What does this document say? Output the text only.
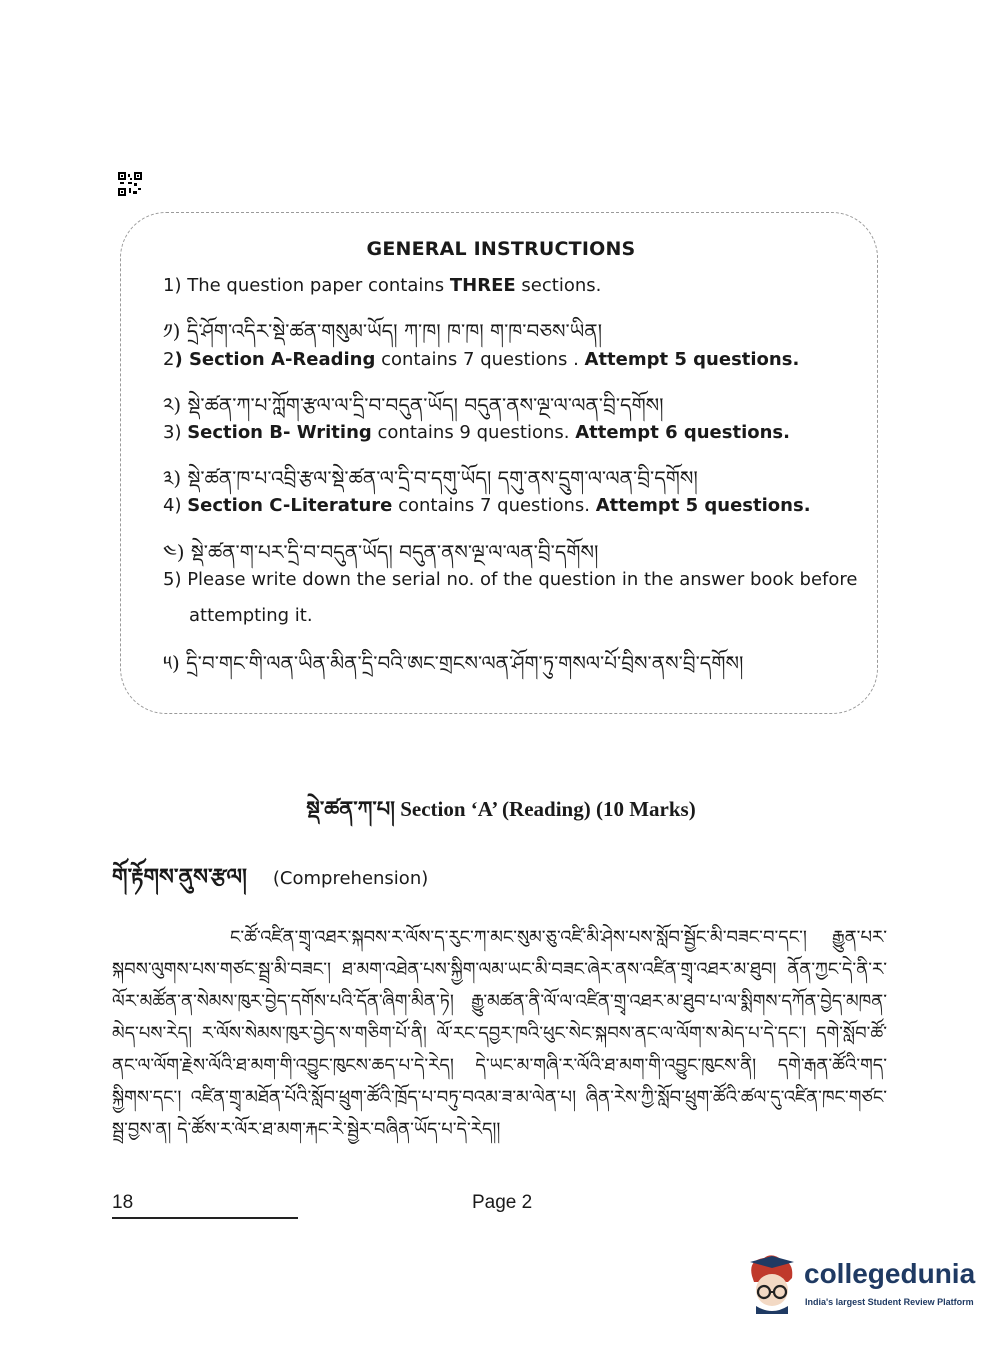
GENERAL INSTRUCTIONS
1) The question paper contains THREE sections.
༡) དྲི་ཤོག་འདིར་སྡེ་ཚན་གསུམ་ཡོད། ཀ་ཁ། ཁ་ཁ། ག་ཁ་བཅས་ཡིན།
2) Section A-Reading contains 7 questions . Attempt 5 questions.
༢) སྡེ་ཚན་ཀ་པ་ཀློག་རྩལ་ལ་དྲི་བ་བདུན་ཡོད། བདུན་ནས་ལྔ་ལ་ལན་བྲི་དགོས།
3) Section B- Writing contains 9 questions. Attempt 6 questions.
༣) སྡེ་ཚན་ཁ་པ་འབྲི་རྩལ་སྡེ་ཚན་ལ་དྲི་བ་དགུ་ཡོད། དགུ་ནས་དྲུག་ལ་ལན་བྲི་དགོས།
4) Section C-Literature contains 7 questions. Attempt 5 questions.
༤) སྡེ་ཚན་ག་པར་དྲི་བ་བདུན་ཡོད། བདུན་ནས་ལྔ་ལ་ལན་བྲི་དགོས།
5) Please write down the serial no. of the question in the answer book before
attempting it.
༥) དྲི་བ་གང་གི་ལན་ཡིན་མིན་དྲི་བའི་ཨང་གྲངས་ལན་ཤོག་ཏུ་གསལ་པོ་བྲིས་ནས་བྲི་དགོས།
སྡེ་ཚན་ཀ་པ། Section ‘A’ (Reading) (10 Marks)
གོ་རྟོགས་ནུས་རྩལ། (Comprehension)
ང་ཚོ་འཛིན་གྲྭ་འཐར་སྐབས་ར་ལོས་ད་རུང་ཀ་མང་སུམ་ཅུ་འཛི་མི་ཤེས་པས་སློབ་སྦྱོང་མི་བཟང་བ་དང་། རྒྱུན་པར་སྐབས་ལུགས་པས་གཙང་སྦྲ་མི་བཟང་། ཐ་མག་འཐེན་པས་སྐྱིག་ལམ་ཡང་མི་བཟང་ཞེར་ནས་འཛིན་གྲྭ་འཐར་མ་ཐུབ། ནོན་ཀྱང་དེ་ནི་ར་ལོར་མཚོན་ན་སེམས་ཁུར་བྱེད་དགོས་པའི་དོན་ཞིག་མིན་ཏེ། རྒྱུ་མཚན་ནི་ལོ་ལ་འཛིན་གྲྭ་འཐར་མ་ཐུབ་པ་ལ་སྨིགས་དཀོན་བྱེད་མཁན་མེད་པས་རེད། ར་ལོས་སེམས་ཁུར་བྱེད་ས་གཅིག་པོ་ནི། ལོ་རང་དབྱར་ཁའི་ཕུང་སེང་སྐབས་ནང་ལ་ལོག་ས་མེད་པ་དེ་དང་། དགེ་སློབ་ཚོ་ནང་ལ་ལོག་རྗེས་ལོའི་ཐ་མག་གི་འབྱུང་ཁུངས་ཆད་པ་དེ་རེད། དེ་ཡང་མ་གཞི་ར་ལོའི་ཐ་མག་གི་འབྱུང་ཁུངས་ནི། དགེ་རྒན་ཚོའི་གད་སྐྱིགས་དང་། འཛིན་གྲྭ་མཐོན་པོའི་སློབ་ཕྲུག་ཚོའི་ཁྲོད་པ་བཏུ་བའམ་ཟ་མ་ལེན་པ། ཞིན་རེས་ཀྱི་སློབ་ཕྲུག་ཚོའི་ཚལ་དུ་འཛིན་ཁང་གཙང་སྦྲ་བྱས་ན། དེ་ཚོས་ར་ལོར་ཐ་མག་རྐང་རེ་སྦྱེར་བཞིན་ཡོད་པ་དེ་རེད།།
18	Page 2
collegedunia
India's largest Student Review Platform
